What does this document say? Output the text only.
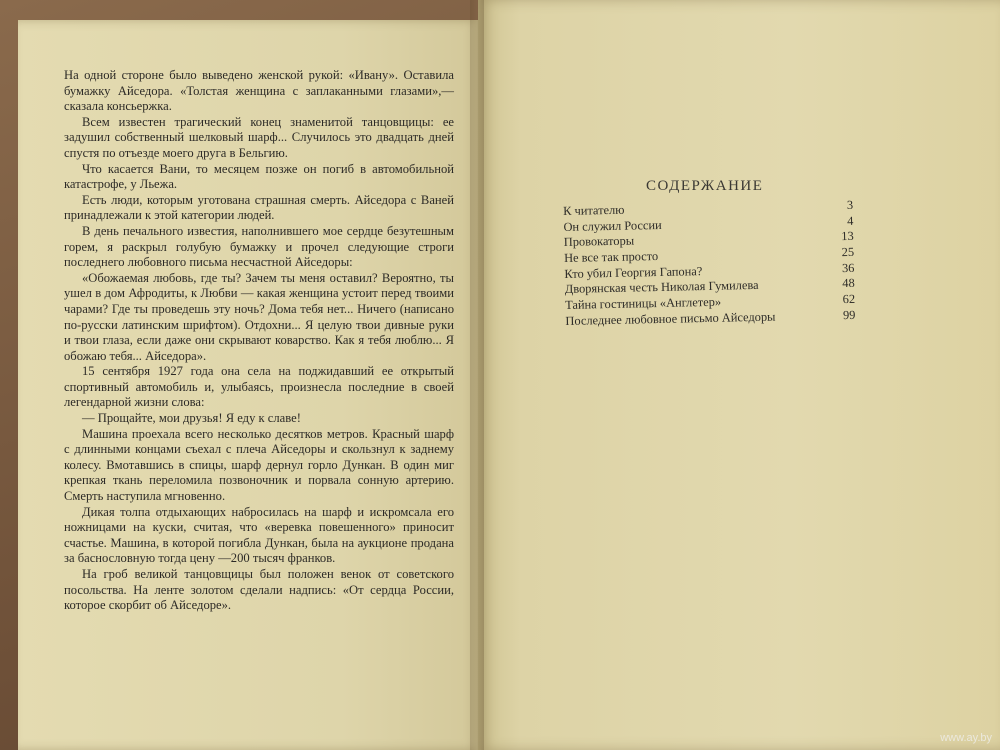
На одной стороне было выведено женской рукой: «Ивану». Оставила бумажку Айседора. «Толстая женщина с заплаканными глазами»,— сказала консьержка.

Всем известен трагический конец знаменитой танцовщицы: ее задушил собственный шелковый шарф... Случилось это двадцать дней спустя по отъезде моего друга в Бельгию.

Что касается Вани, то месяцем позже он погиб в автомобильной катастрофе, у Льежа.

Есть люди, которым уготована страшная смерть. Айседора с Ваней принадлежали к этой категории людей.

В день печального известия, наполнившего мое сердце безутешным горем, я раскрыл голубую бумажку и прочел следующие строги последнего любовного письма несчастной Айседоры:

«Обожаемая любовь, где ты? Зачем ты меня оставил? Вероятно, ты ушел в дом Афродиты, к Любви — какая женщина устоит перед твоими чарами? Где ты проведешь эту ночь? Дома тебя нет... Ничего (написано по-русски латинским шрифтом). Отдохни... Я целую твои дивные руки и твои глаза, если даже они скрывают коварство. Как я тебя люблю... Я обожаю тебя... Айседора».

15 сентября 1927 года она села на поджидавший ее открытый спортивный автомобиль и, улыбаясь, произнесла последние в своей легендарной жизни слова:

— Прощайте, мои друзья! Я еду к славе!

Машина проехала всего несколько десятков метров. Красный шарф с длинными концами съехал с плеча Айседоры и скользнул к заднему колесу. Вмотавшись в спицы, шарф дернул горло Дункан. В один миг крепкая ткань переломила позвоночник и порвала сонную артерию. Смерть наступила мгновенно.

Дикая толпа отдыхающих набросилась на шарф и искромсала его ножницами на куски, считая, что «веревка повешенного» приносит счастье. Машина, в которой погибла Дункан, была на аукционе продана за баснословную тогда цену —200 тысяч франков.

На гроб великой танцовщицы был положен венок от советского посольства. На ленте золотом сделали надпись: «От сердца России, которое скорбит об Айседоре».

СОДЕРЖАНИЕ
К читателю	3
Он служил России	4
Провокаторы	13
Не все так просто	25
Кто убил Георгия Гапона?	36
Дворянская честь Николая Гумилева	48
Тайна гостиницы «Англетер»	62
Последнее любовное письмо Айседоры	99
www.ay.by
